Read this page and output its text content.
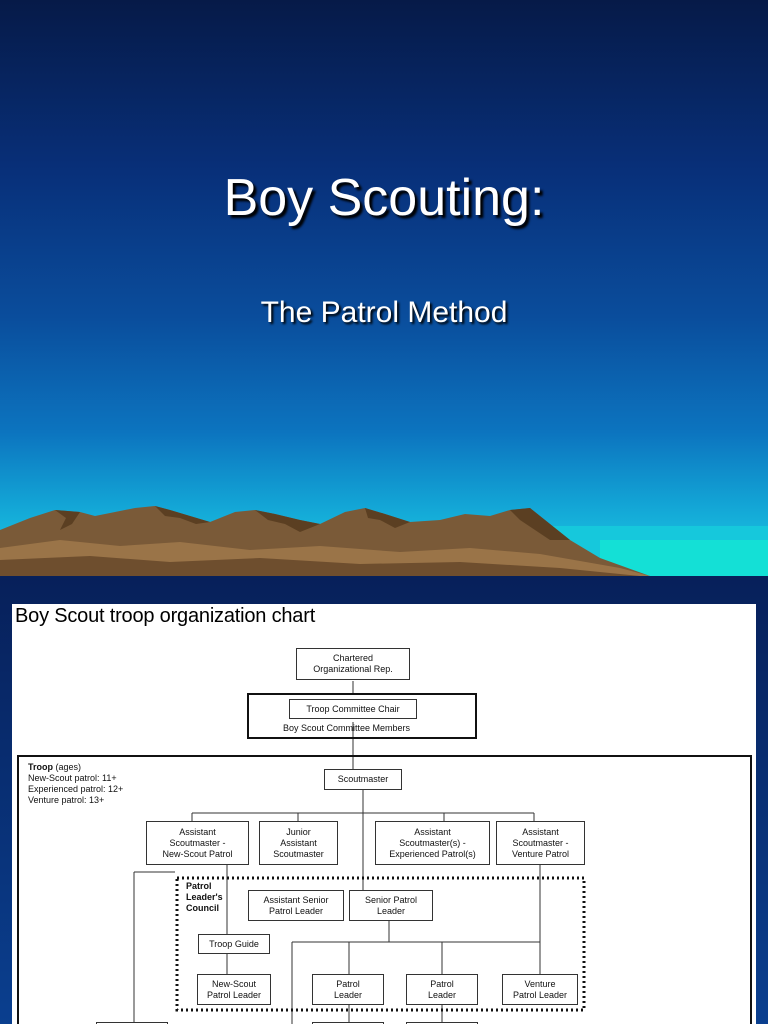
Boy Scouting:
The Patrol Method
Boy Scout troop organization chart
Chartered
Organizational Rep.
Troop Committee Chair
Boy Scout Committee Members
Troop (ages)
New-Scout patrol: 11+
Experienced patrol: 12+
Venture patrol: 13+
Scoutmaster
Assistant
Scoutmaster -
New-Scout Patrol
Junior
Assistant
Scoutmaster
Assistant
Scoutmaster(s) -
Experienced Patrol(s)
Assistant
Scoutmaster -
Venture Patrol
Patrol
Leader's
Council
Assistant Senior
Patrol Leader
Senior Patrol
Leader
Troop Guide
New-Scout
Patrol Leader
Patrol
Leader
Patrol
Leader
Venture
Patrol Leader
